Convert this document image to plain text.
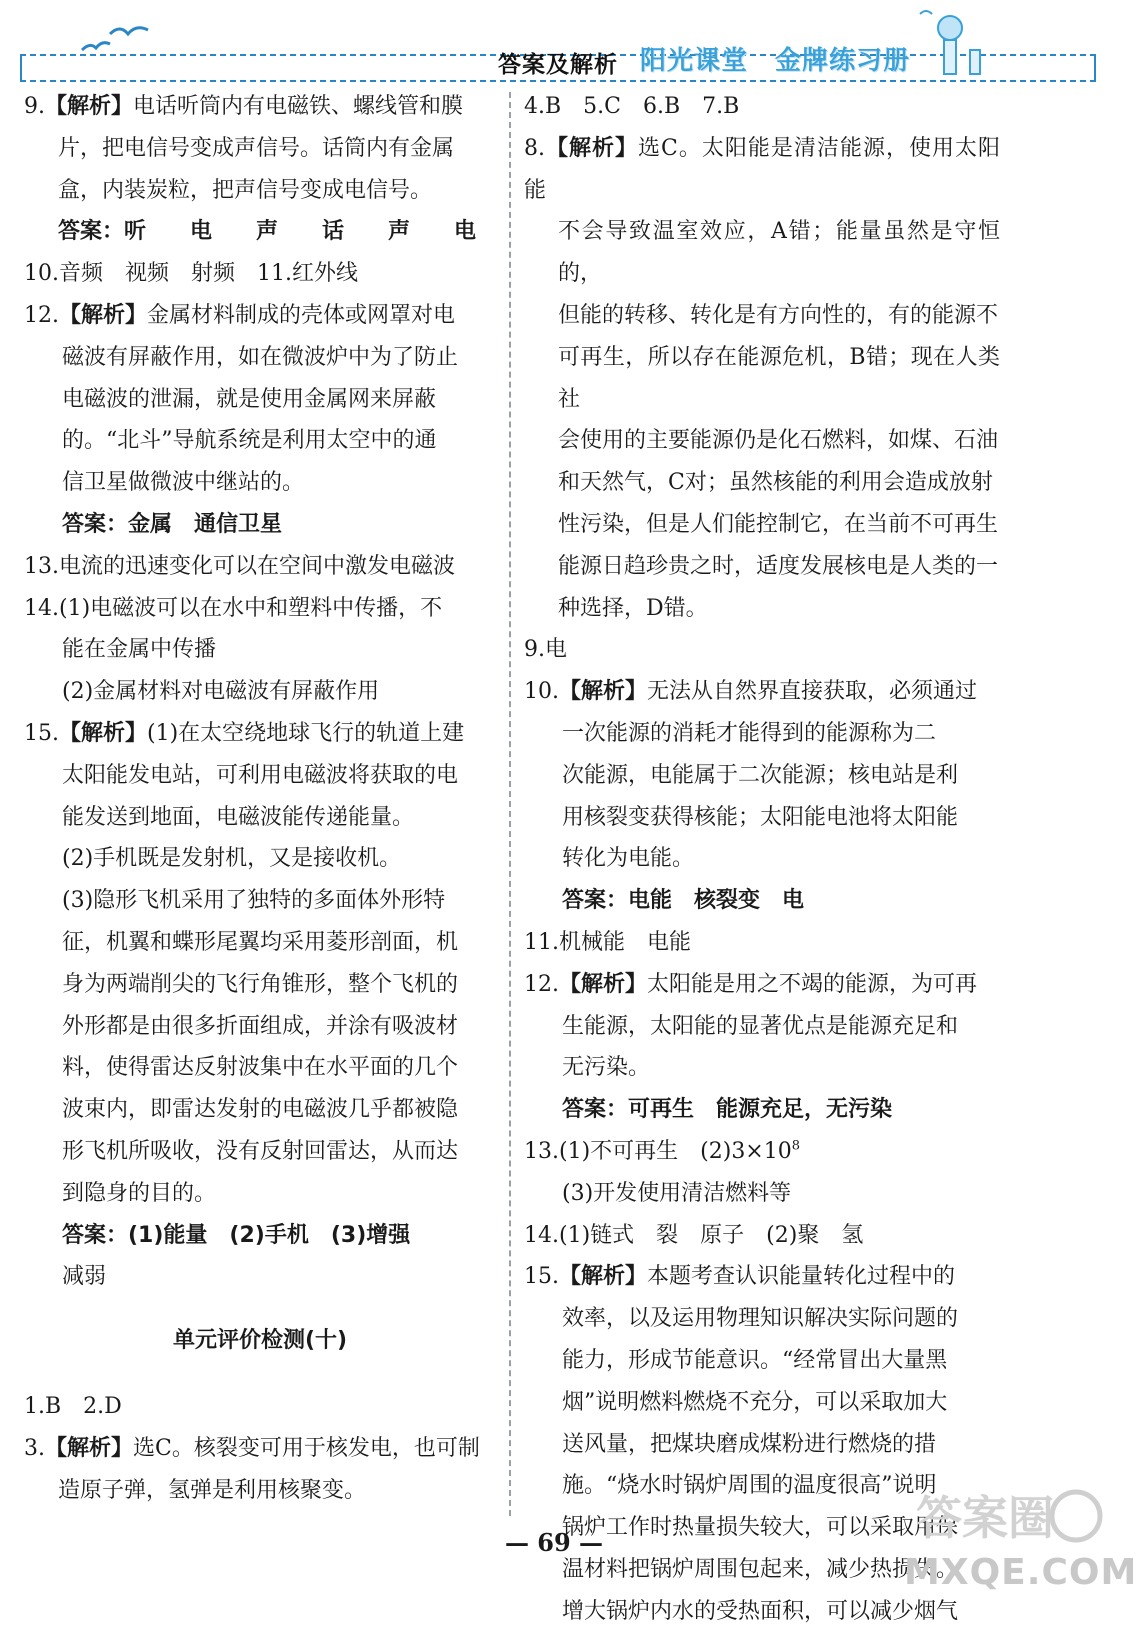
答案及解析 阳光课堂　金牌练习册

9.【解析】电话听筒内有电磁铁、螺线管和膜

片，把电信号变成声信号。话筒内有金属

盒，内装炭粒，把声信号变成电信号。

答案：听　　电　　声　　话　　声　　电

10.音频　视频　射频　11.红外线

12.【解析】金属材料制成的壳体或网罩对电

磁波有屏蔽作用，如在微波炉中为了防止

电磁波的泄漏，就是使用金属网来屏蔽

的。“北斗”导航系统是利用太空中的通

信卫星做微波中继站的。

答案：金属　通信卫星

13.电流的迅速变化可以在空间中激发电磁波

14.(1)电磁波可以在水中和塑料中传播，不

能在金属中传播

(2)金属材料对电磁波有屏蔽作用

15.【解析】(1)在太空绕地球飞行的轨道上建

太阳能发电站，可利用电磁波将获取的电

能发送到地面，电磁波能传递能量。

(2)手机既是发射机，又是接收机。

(3)隐形飞机采用了独特的多面体外形特

征，机翼和蝶形尾翼均采用菱形剖面，机

身为两端削尖的飞行角锥形，整个飞机的

外形都是由很多折面组成，并涂有吸波材

料，使得雷达反射波集中在水平面的几个

波束内，即雷达发射的电磁波几乎都被隐

形飞机所吸收，没有反射回雷达，从而达

到隐身的目的。

答案：(1)能量　(2)手机　(3)增强

减弱

单元评价检测(十)

1.B　2.D

3.【解析】选C。核裂变可用于核发电，也可制

造原子弹，氢弹是利用核聚变。

4.B　5.C　6.B　7.B

8.【解析】选C。太阳能是清洁能源，使用太阳能

不会导致温室效应，A错；能量虽然是守恒的，

但能的转移、转化是有方向性的，有的能源不

可再生，所以存在能源危机，B错；现在人类社

会使用的主要能源仍是化石燃料，如煤、石油

和天然气，C对；虽然核能的利用会造成放射

性污染，但是人们能控制它，在当前不可再生

能源日趋珍贵之时，适度发展核电是人类的一

种选择，D错。

9.电

10.【解析】无法从自然界直接获取，必须通过

一次能源的消耗才能得到的能源称为二

次能源，电能属于二次能源；核电站是利

用核裂变获得核能；太阳能电池将太阳能

转化为电能。

答案：电能　核裂变　电

11.机械能　电能

12.【解析】太阳能是用之不竭的能源，为可再

生能源，太阳能的显著优点是能源充足和

无污染。

答案：可再生　能源充足，无污染

13.(1)不可再生　$(2)3\times 10^8$

(3)开发使用清洁燃料等

14.(1)链式　裂　原子　(2)聚　氢

15.【解析】本题考查认识能量转化过程中的

效率，以及运用物理知识解决实际问题的

能力，形成节能意识。“经常冒出大量黑

烟”说明燃料燃烧不充分，可以采取加大

送风量，把煤块磨成煤粉进行燃烧的措

施。“烧水时锅炉周围的温度很高”说明

锅炉工作时热量损失较大，可以采取用保

温材料把锅炉周围包起来，减少热损失。

增大锅炉内水的受热面积，可以减少烟气

— 69 —	答案圈
MXQE.COM
